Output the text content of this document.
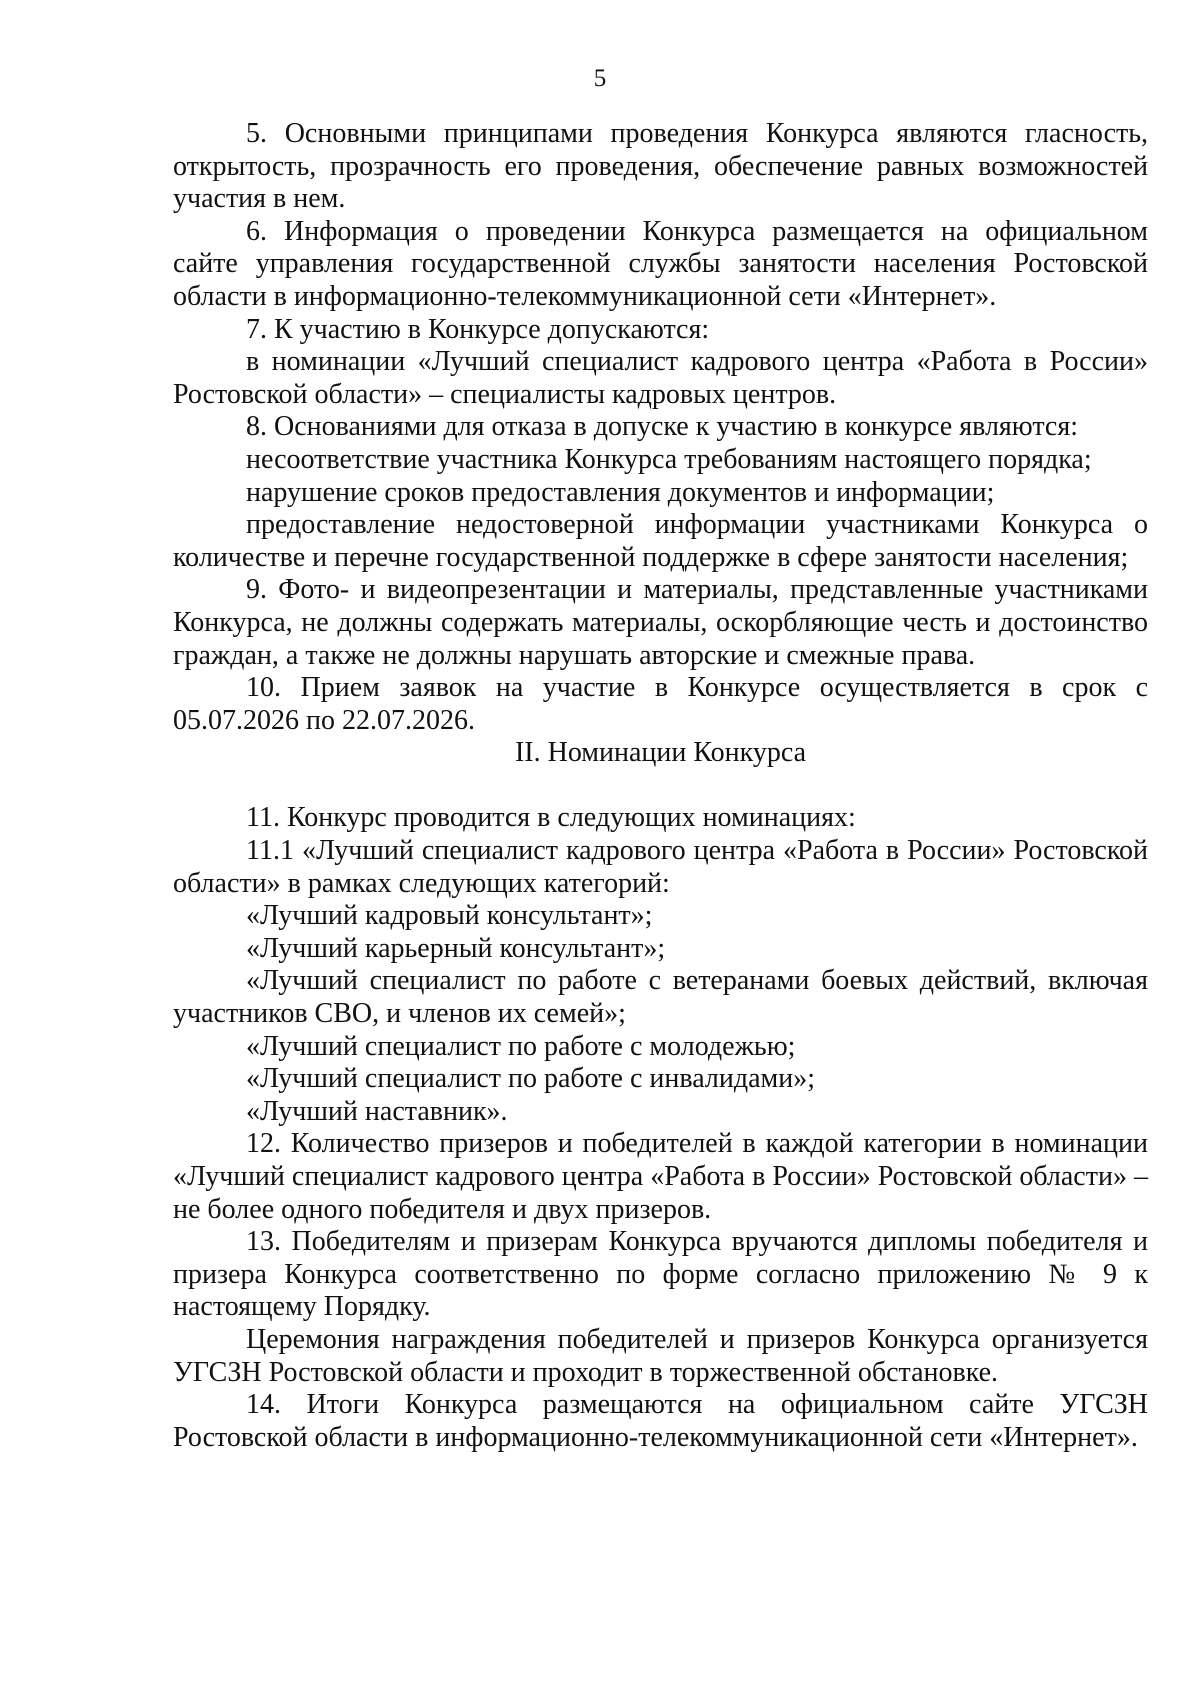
5

5. Основными принципами проведения Конкурса являются гласность, открытость, прозрачность его проведения, обеспечение равных возможностей участия в нем.

6. Информация о проведении Конкурса размещается на официальном сайте управления государственной службы занятости населения Ростовской области в информационно-телекоммуникационной сети «Интернет».

7. К участию в Конкурсе допускаются:

в номинации «Лучший специалист кадрового центра «Работа в России» Ростовской области» – специалисты кадровых центров.

8. Основаниями для отказа в допуске к участию в конкурсе являются:

несоответствие участника Конкурса требованиям настоящего порядка;

нарушение сроков предоставления документов и информации;

предоставление недостоверной информации участниками Конкурса о количестве и перечне государственной поддержке в сфере занятости населения;

9. Фото- и видеопрезентации и материалы, представленные участниками Конкурса, не должны содержать материалы, оскорбляющие честь и достоинство граждан, а также не должны нарушать авторские и смежные права.

10. Прием заявок на участие в Конкурсе осуществляется в срок с 05.07.2026 по 22.07.2026.

II. Номинации Конкурса

11. Конкурс проводится в следующих номинациях:

11.1 «Лучший специалист кадрового центра «Работа в России» Ростовской области» в рамках следующих категорий:

«Лучший кадровый консультант»;

«Лучший карьерный консультант»;

«Лучший специалист по работе с ветеранами боевых действий, включая участников СВО, и членов их семей»;

«Лучший специалист по работе с молодежью;

«Лучший специалист по работе с инвалидами»;

«Лучший наставник».

12. Количество призеров и победителей в каждой категории в номинации «Лучший специалист кадрового центра «Работа в России» Ростовской области» – не более одного победителя и двух призеров.

13. Победителям и призерам Конкурса вручаются дипломы победителя и призера Конкурса соответственно по форме согласно приложению № 9 к настоящему Порядку.

Церемония награждения победителей и призеров Конкурса организуется УГСЗН Ростовской области и проходит в торжественной обстановке.

14. Итоги Конкурса размещаются на официальном сайте УГСЗН Ростовской области в информационно-телекоммуникационной сети «Интернет».
